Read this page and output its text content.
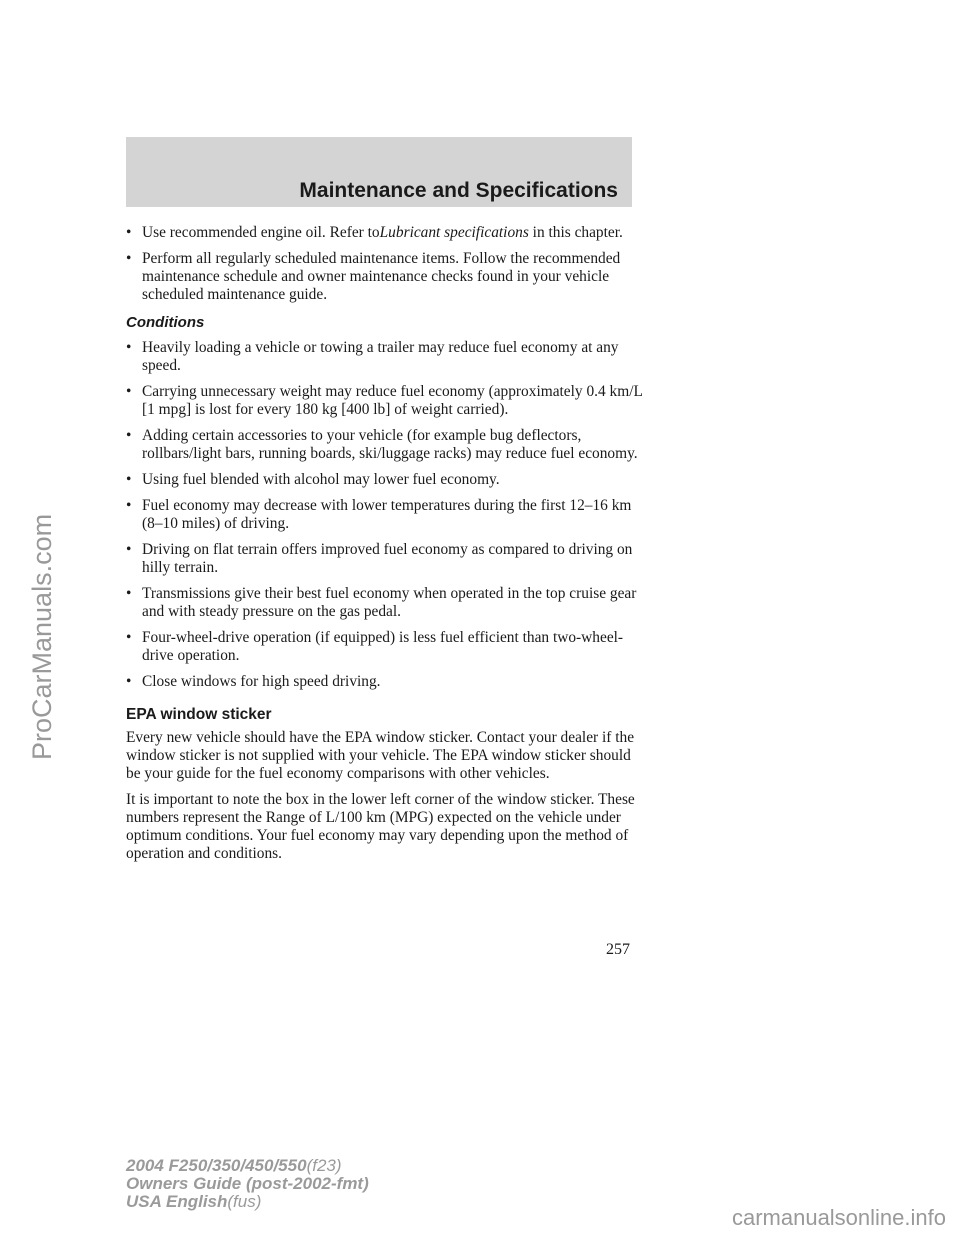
Maintenance and Specifications
ProCarManuals.com
• Use recommended engine oil. Refer toLubricant specifications in this chapter.
• Perform all regularly scheduled maintenance items. Follow the recommended maintenance schedule and owner maintenance checks found in your vehicle scheduled maintenance guide.
Conditions
• Heavily loading a vehicle or towing a trailer may reduce fuel economy at any speed.
• Carrying unnecessary weight may reduce fuel economy (approximately 0.4 km/L [1 mpg] is lost for every 180 kg [400 lb] of weight carried).
• Adding certain accessories to your vehicle (for example bug deflectors, rollbars/light bars, running boards, ski/luggage racks) may reduce fuel economy.
• Using fuel blended with alcohol may lower fuel economy.
• Fuel economy may decrease with lower temperatures during the first 12–16 km (8–10 miles) of driving.
• Driving on flat terrain offers improved fuel economy as compared to driving on hilly terrain.
• Transmissions give their best fuel economy when operated in the top cruise gear and with steady pressure on the gas pedal.
• Four-wheel-drive operation (if equipped) is less fuel efficient than two-wheel-drive operation.
• Close windows for high speed driving.
EPA window sticker

Every new vehicle should have the EPA window sticker. Contact your dealer if the window sticker is not supplied with your vehicle. The EPA window sticker should be your guide for the fuel economy comparisons with other vehicles.

It is important to note the box in the lower left corner of the window sticker. These numbers represent the Range of L/100 km (MPG) expected on the vehicle under optimum conditions. Your fuel economy may vary depending upon the method of operation and conditions.

257
2004 F250/350/450/550(f23)
Owners Guide (post-2002-fmt)
USA English(fus)
carmanualsonline.info
